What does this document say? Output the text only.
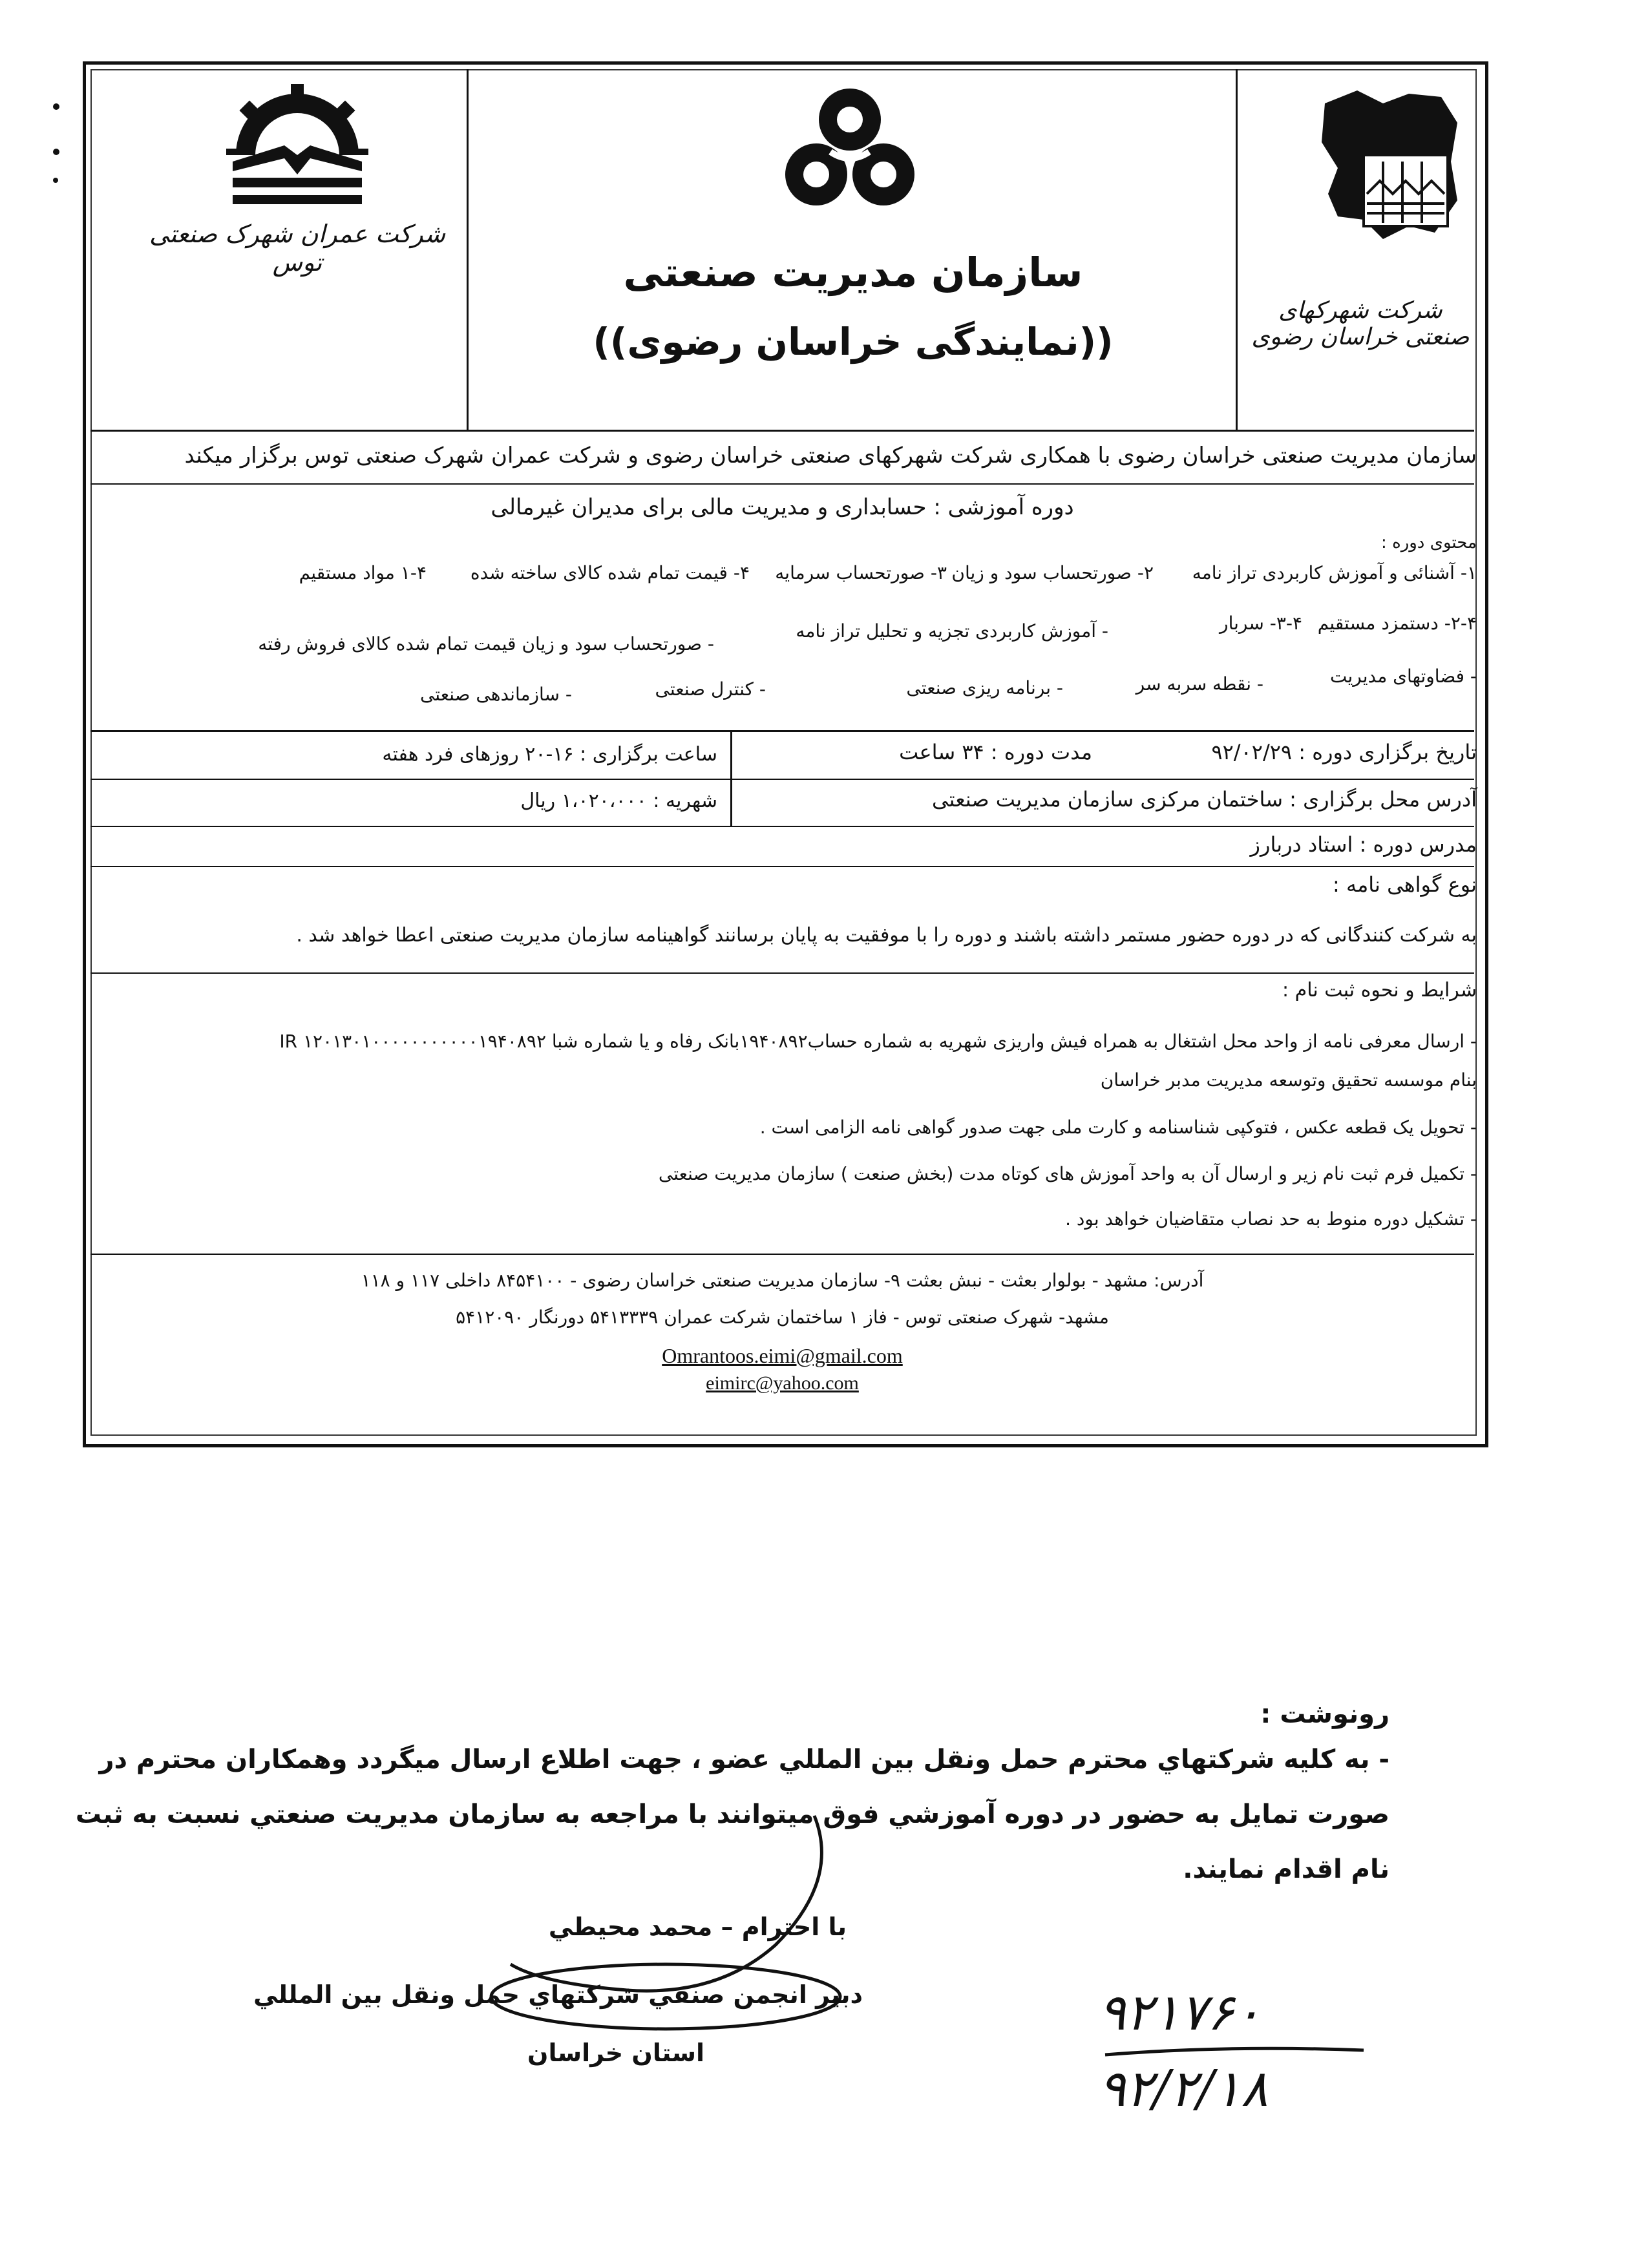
شرکت عمران شهرک صنعتی توس	سازمان مدیریت صنعتی
((نمایندگی خراسان رضوی))
شرکت شهرکهای صنعتی خراسان رضوی
سازمان مدیریت صنعتی خراسان رضوی با همکاری شرکت شهرکهای صنعتی خراسان رضوی و شرکت عمران شهرک صنعتی توس برگزار میکند
دوره آموزشی : حسابداری و مدیریت مالی برای مدیران غیرمالی
محتوی دوره :
۱- آشنائی و آموزش کاربردی تراز نامه
۲- صورتحساب سود و زیان
۳- صورتحساب سرمایه
۴- قیمت تمام شده کالای ساخته شده
۱-۴ مواد مستقیم
۲-۴- دستمزد مستقیم
۳-۴- سربار
- آموزش کاربردی تجزیه و تحلیل تراز نامه
- صورتحساب سود و زیان قیمت تمام شده کالای فروش رفته
- فضاوتهای مدیریت
- نقطه سربه سر
- برنامه ریزی صنعتی
- کنترل صنعتی
- سازماندهی صنعتی
تاریخ برگزاری دوره : ۹۲/۰۲/۲۹
مدت دوره : ۳۴ ساعت
ساعت برگزاری : ۱۶-۲۰ روزهای فرد هفته
آدرس محل برگزاری : ساختمان مرکزی سازمان مدیریت صنعتی
شهریه : ۱،۰۲۰،۰۰۰ ریال
مدرس دوره : استاد دربارز
نوع گواهی نامه :
به شرکت کنندگانی که در دوره حضور مستمر داشته باشند و دوره را با موفقیت به پایان برسانند گواهینامه سازمان مدیریت صنعتی اعطا خواهد شد .
شرایط و نحوه ثبت نام :
- ارسال معرفی نامه از واحد محل اشتغال به همراه فیش واریزی شهریه به شماره حساب۱۹۴۰۸۹۲بانک رفاه و یا شماره شبا ۱۲۰۱۳۰۱۰۰۰۰۰۰۰۰۰۰۰۱۹۴۰۸۹۲ IR
بنام موسسه تحقیق وتوسعه مدیریت مدبر خراسان
- تحویل یک قطعه عکس ، فتوکپی شناسنامه و کارت ملی جهت صدور گواهی نامه الزامی است .
- تکمیل فرم ثبت نام زیر و ارسال آن به واحد آموزش های کوتاه مدت (بخش صنعت ) سازمان مدیریت صنعتی
- تشکیل دوره منوط به حد نصاب متقاضیان خواهد بود .
آدرس: مشهد - بولوار بعثت - نبش بعثت ۹- سازمان مدیریت صنعتی خراسان رضوی - ۸۴۵۴۱۰۰ داخلی ۱۱۷ و ۱۱۸
مشهد- شهرک صنعتی توس - فاز ۱ ساختمان شرکت عمران ۵۴۱۳۳۳۹ دورنگار ۵۴۱۲۰۹۰
Omrantoos.eimi@gmail.com
eimirc@yahoo.com
رونوشت :
- به کليه شرکتهاي محترم حمل ونقل بين المللي عضو ، جهت اطلاع ارسال ميگردد وهمکاران محترم در
صورت تمايل به حضور در دوره آموزشي فوق ميتوانند با مراجعه به سازمان مديريت صنعتي نسبت به ثبت
نام اقدام نمايند.
با احترام – محمد محيطي
دبير انجمن صنفي شرکتهاي حمل ونقل بين المللي
استان خراسان
۹۲۱۷۶۰
۹۲/۲/۱۸
